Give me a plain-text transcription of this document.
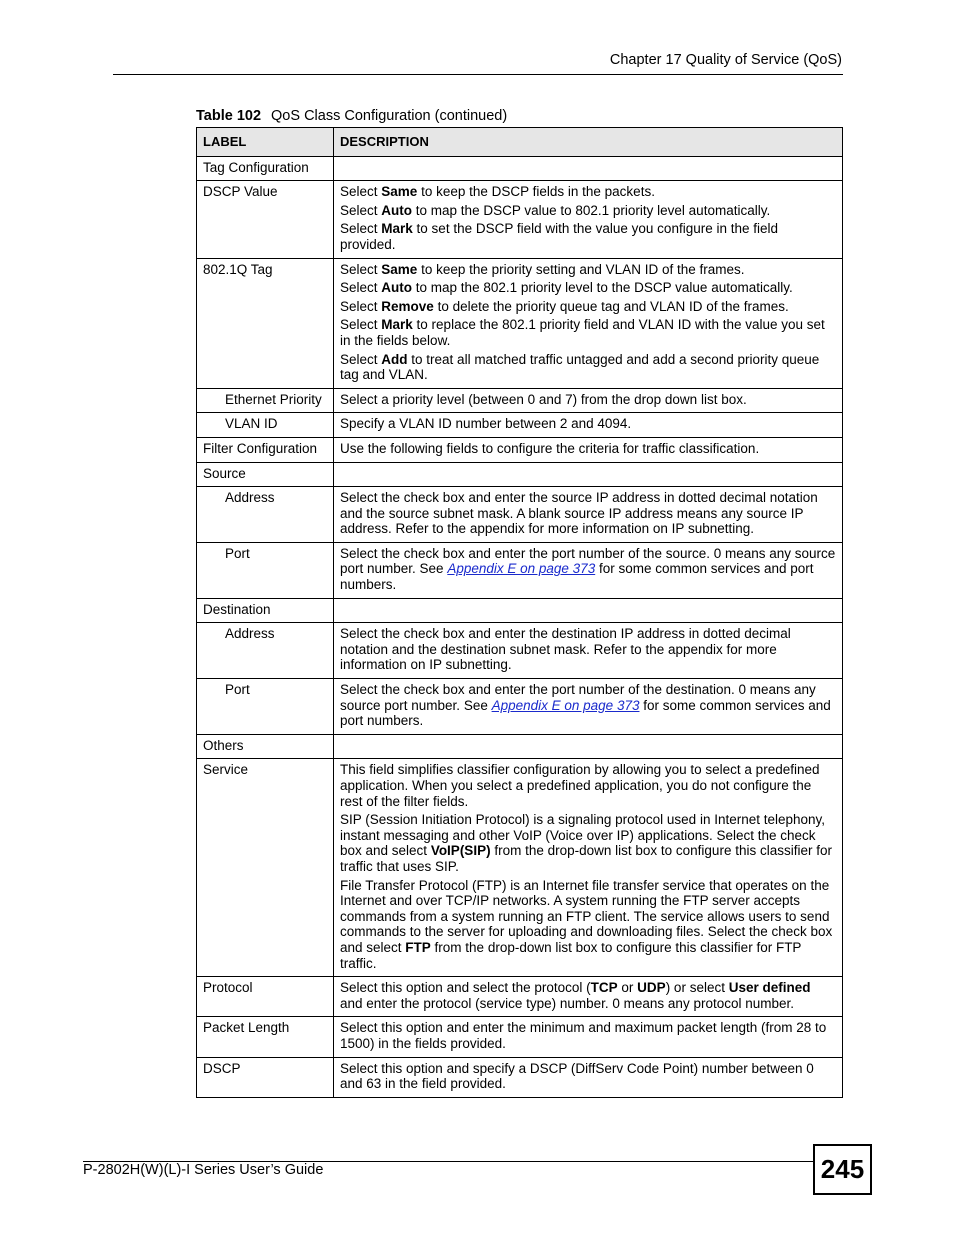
Chapter 17 Quality of Service (QoS)
Table 102 QoS Class Configuration (continued)
LABEL	DESCRIPTION
Tag Configuration	
DSCP Value	Select Same to keep the DSCP fields in the packets.
Select Auto to map the DSCP value to 802.1 priority level automatically.
Select Mark to set the DSCP field with the value you configure in the field provided.

802.1Q Tag	Select Same to keep the priority setting and VLAN ID of the frames.
Select Auto to map the 802.1 priority level to the DSCP value automatically.
Select Remove to delete the priority queue tag and VLAN ID of the frames.
Select Mark to replace the 802.1 priority field and VLAN ID with the value you set in the fields below.
Select Add to treat all matched traffic untagged and add a second priority queue tag and VLAN.

Ethernet Priority	Select a priority level (between 0 and 7) from the drop down list box.
VLAN ID	Specify a VLAN ID number between 2 and 4094.
Filter Configuration	Use the following fields to configure the criteria for traffic classification.
Source	
Address	Select the check box and enter the source IP address in dotted decimal notation and the source subnet mask. A blank source IP address means any source IP address. Refer to the appendix for more information on IP subnetting.
Port	Select the check box and enter the port number of the source. 0 means any source port number. See Appendix E on page 373 for some common services and port numbers.
Destination	
Address	Select the check box and enter the destination IP address in dotted decimal notation and the destination subnet mask. Refer to the appendix for more information on IP subnetting.
Port	Select the check box and enter the port number of the destination. 0 means any source port number. See Appendix E on page 373 for some common services and port numbers.
Others	
Service	This field simplifies classifier configuration by allowing you to select a predefined application. When you select a predefined application, you do not configure the rest of the filter fields.
SIP (Session Initiation Protocol) is a signaling protocol used in Internet telephony, instant messaging and other VoIP (Voice over IP) applications. Select the check box and select VoIP(SIP) from the drop-down list box to configure this classifier for traffic that uses SIP.
File Transfer Protocol (FTP) is an Internet file transfer service that operates on the Internet and over TCP/IP networks. A system running the FTP server accepts commands from a system running an FTP client. The service allows users to send commands to the server for uploading and downloading files. Select the check box and select FTP from the drop-down list box to configure this classifier for FTP traffic.

Protocol	Select this option and select the protocol (TCP or UDP) or select User defined and enter the protocol (service type) number. 0 means any protocol number.
Packet Length	Select this option and enter the minimum and maximum packet length (from 28 to 1500) in the fields provided.
DSCP	Select this option and specify a DSCP (DiffServ Code Point) number between 0 and 63 in the field provided.
P-2802H(W)(L)-I Series User’s Guide	245
